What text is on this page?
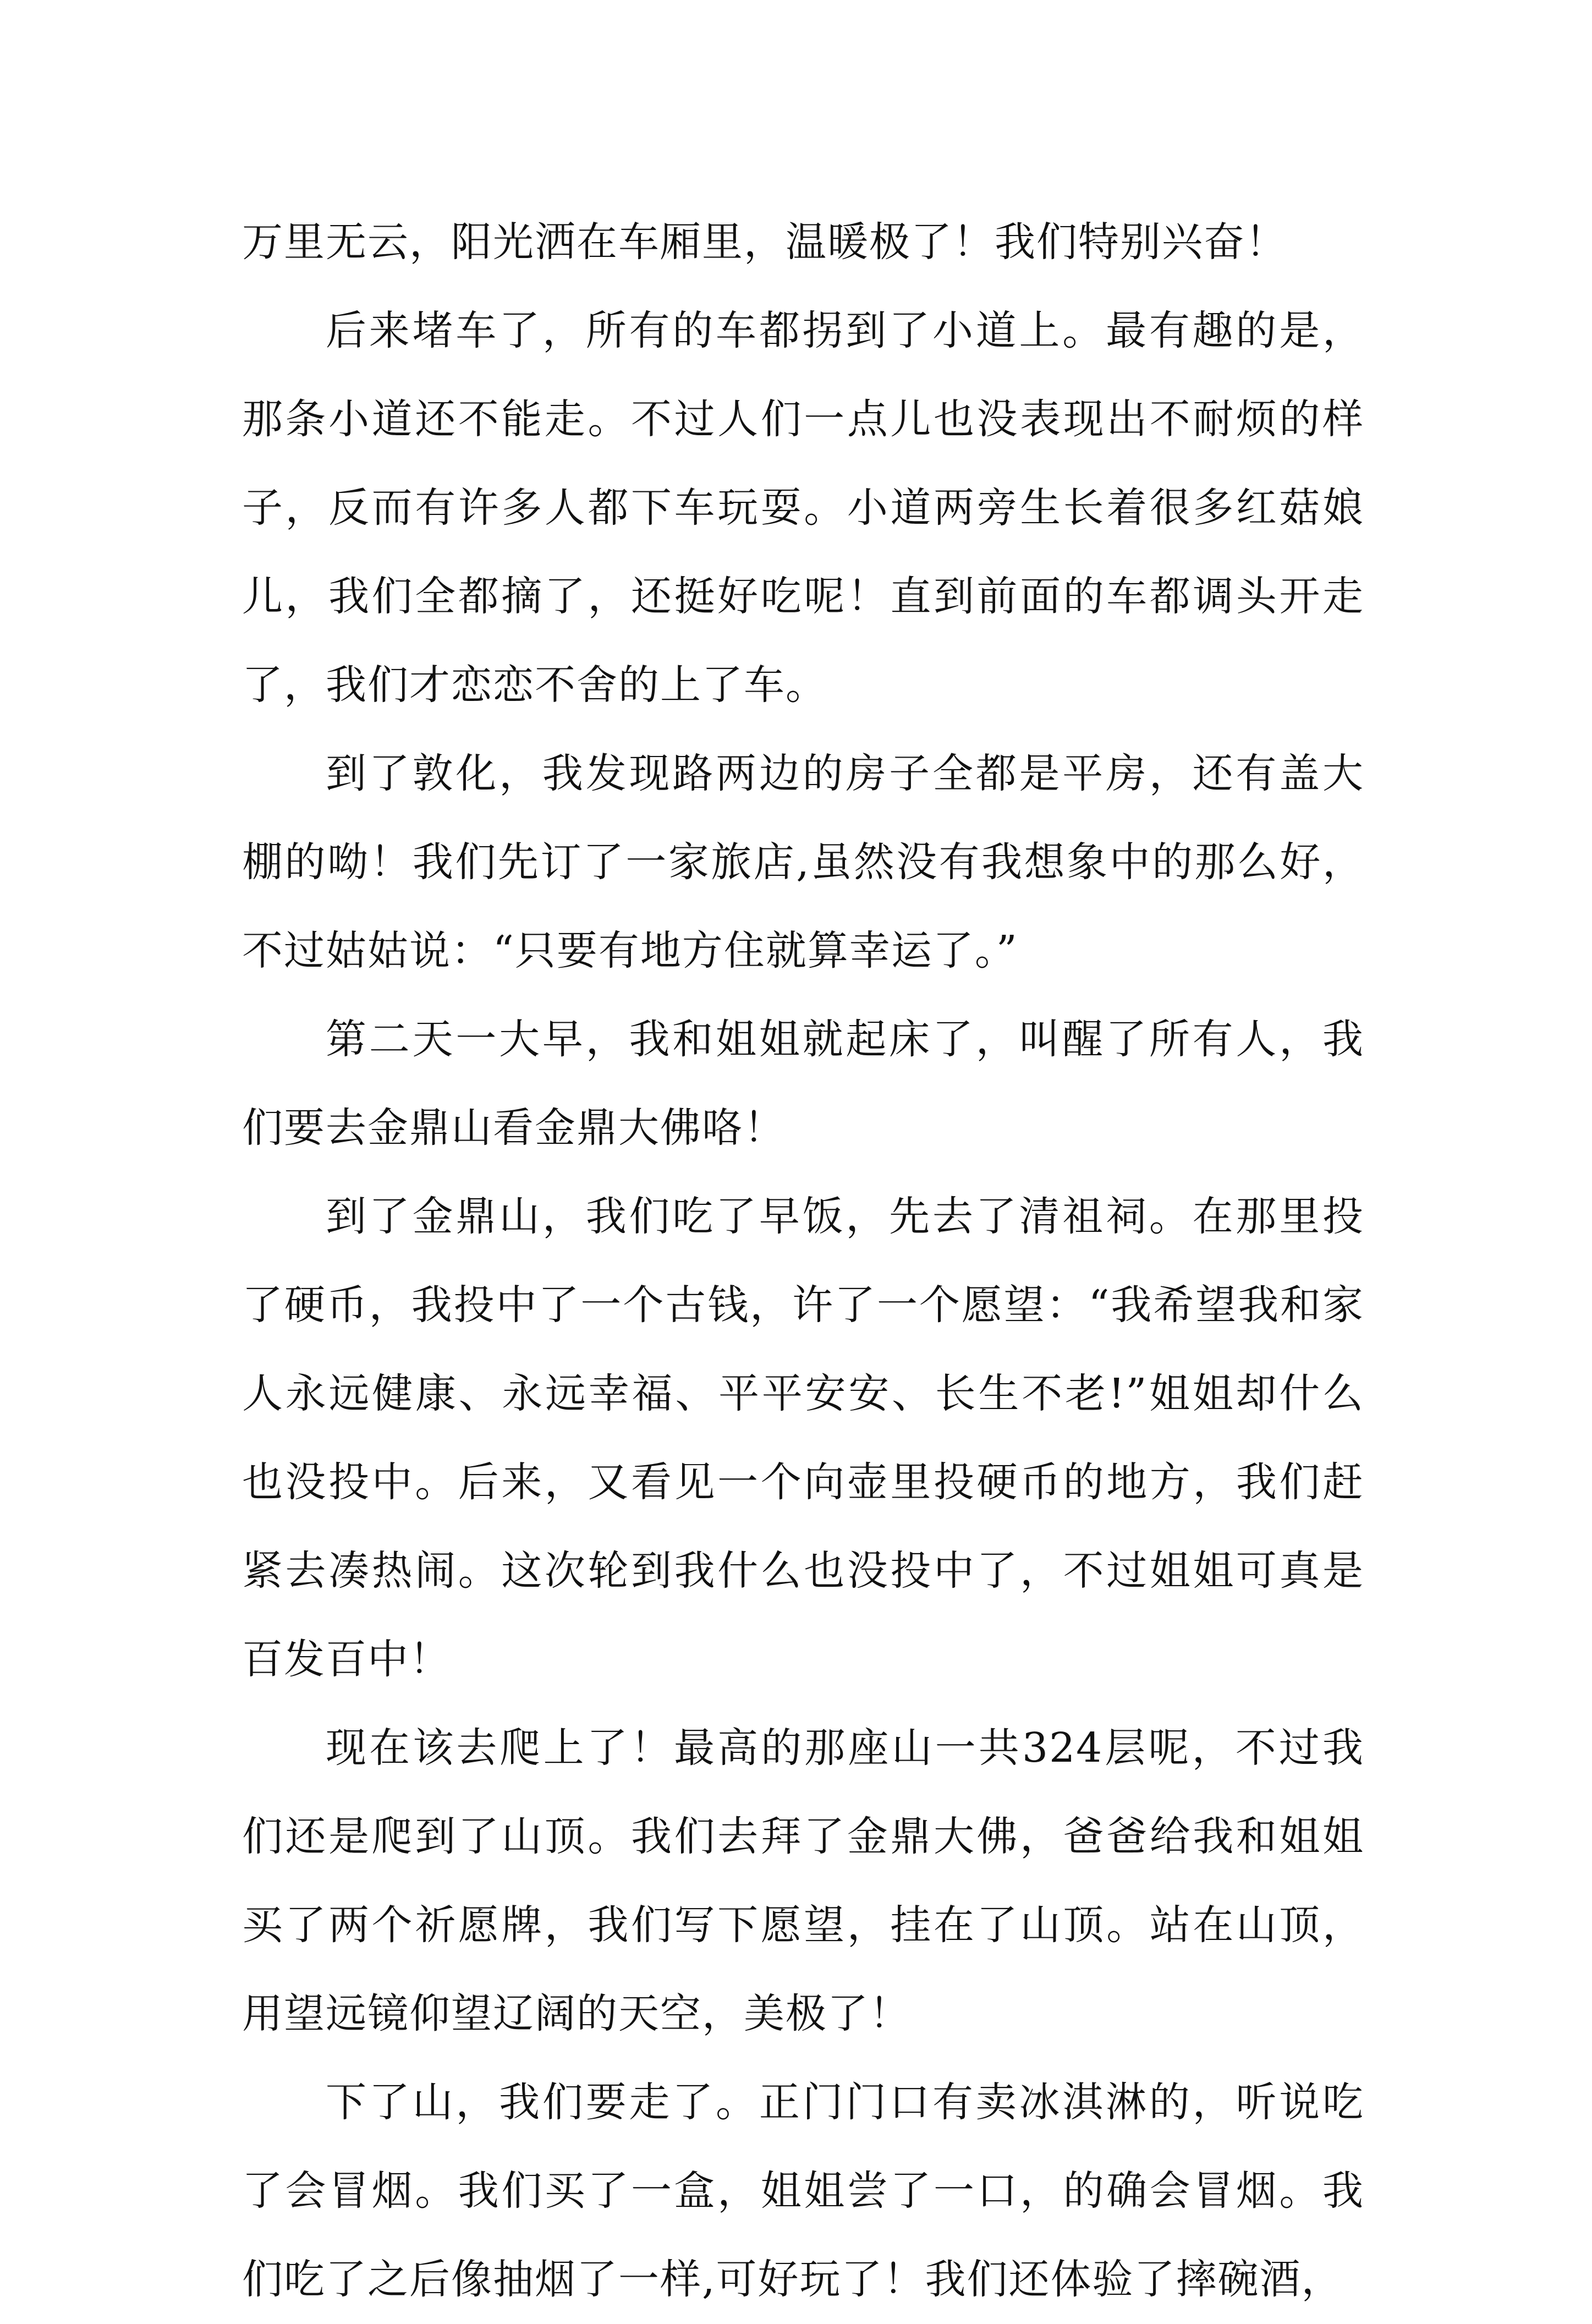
万里无云，阳光洒在车厢里，温暖极了！我们特别兴奋！

后来堵车了，所有的车都拐到了小道上。最有趣的是，那条小道还不能走。不过人们一点儿也没表现出不耐烦的样子，反而有许多人都下车玩耍。小道两旁生长着很多红菇娘儿，我们全都摘了，还挺好吃呢！直到前面的车都调头开走了，我们才恋恋不舍的上了车。

到了敦化，我发现路两边的房子全都是平房，还有盖大棚的呦！我们先订了一家旅店,虽然没有我想象中的那么好，不过姑姑说：“只要有地方住就算幸运了。”

第二天一大早，我和姐姐就起床了，叫醒了所有人，我们要去金鼎山看金鼎大佛咯！

到了金鼎山，我们吃了早饭，先去了清祖祠。在那里投了硬币，我投中了一个古钱，许了一个愿望：“我希望我和家人永远健康、永远幸福、平平安安、长生不老!”姐姐却什么也没投中。后来，又看见一个向壶里投硬币的地方，我们赶紧去凑热闹。这次轮到我什么也没投中了，不过姐姐可真是百发百中！

现在该去爬上了！最高的那座山一共324层呢，不过我们还是爬到了山顶。我们去拜了金鼎大佛，爸爸给我和姐姐买了两个祈愿牌，我们写下愿望，挂在了山顶。站在山顶，用望远镜仰望辽阔的天空，美极了！

下了山，我们要走了。正门门口有卖冰淇淋的，听说吃了会冒烟。我们买了一盒，姐姐尝了一口，的确会冒烟。我们吃了之后像抽烟了一样,可好玩了！我们还体验了摔碗酒，
